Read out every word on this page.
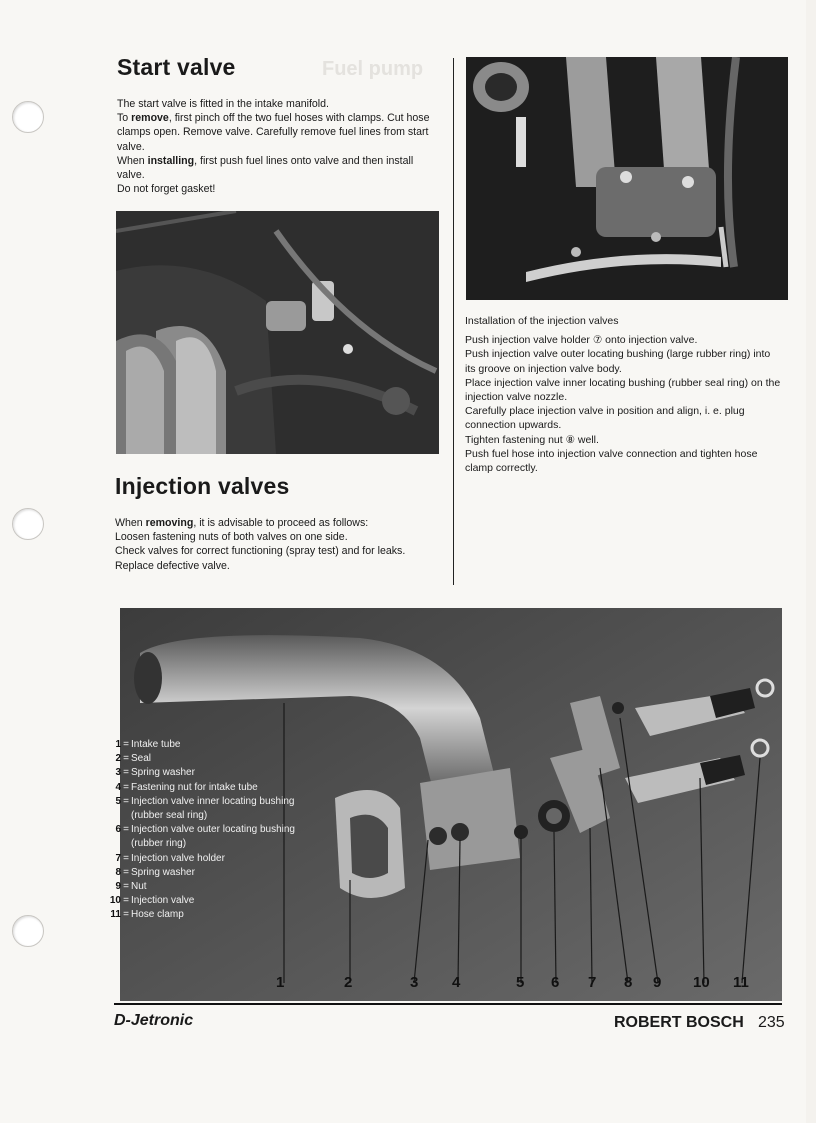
Fuel pump
Start valve

The start valve is fitted in the intake manifold.

To remove, first pinch off the two fuel hoses with clamps. Cut hose clamps open. Remove valve. Carefully remove fuel lines from start valve.

When installing, first push fuel lines onto valve and then install valve.

Do not forget gasket!

Injection valves

When removing, it is advisable to proceed as follows:

Loosen fastening nuts of both valves on one side.

Check valves for correct functioning (spray test) and for leaks.

Replace defective valve.

Installation of the injection valves

Push injection valve holder ⑦ onto injection valve.

Push injection valve outer locating bushing (large rubber ring) into its groove on injection valve body.

Place injection valve inner locating bushing (rubber seal ring) on the injection valve nozzle.

Carefully place injection valve in position and align, i. e. plug connection upwards.

Tighten fastening nut ⑧ well.

Push fuel hose into injection valve connection and tighten hose clamp correctly.

1 = Intake tube
2 = Seal
3 = Spring washer
4 = Fastening nut for intake tube
5 = Injection valve inner locating bushing
(rubber seal ring)
6 = Injection valve outer locating bushing
(rubber ring)
7 = Injection valve holder
8 = Spring washer
9 = Nut
10 = Injection valve
11 = Hose clamp
1	2	3 4	5 6 7 8 9 10 11
D-Jetronic	ROBERT BOSCH 235
